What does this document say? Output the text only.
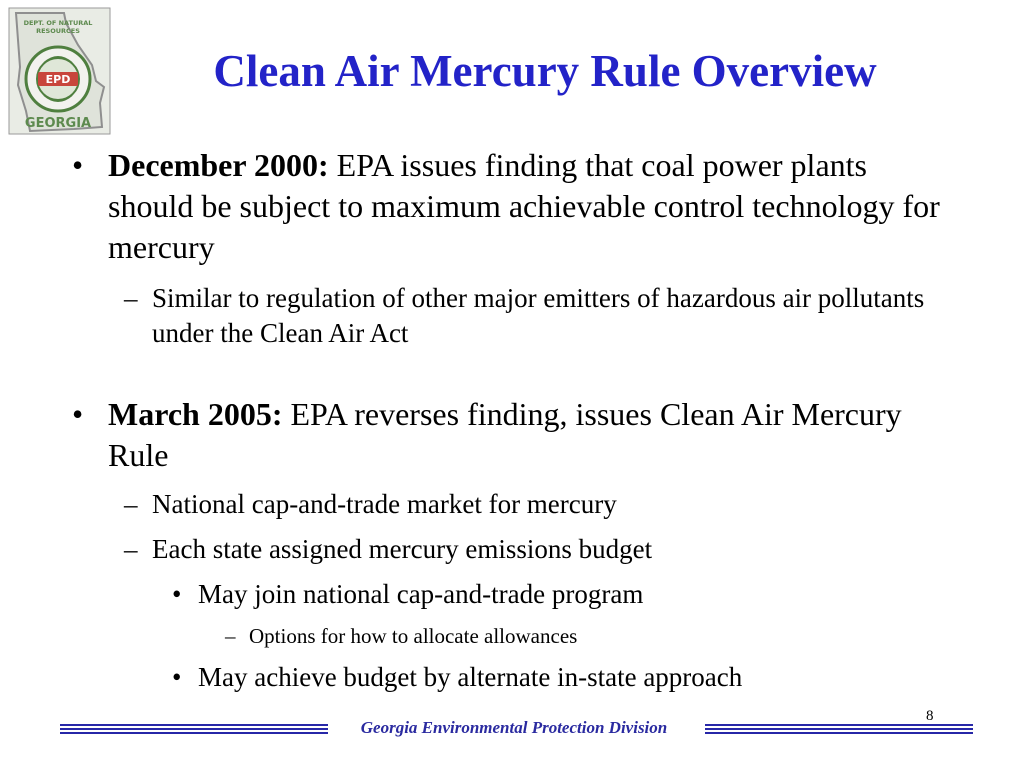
DEPT. OF NATURAL
RESOURCES
EPD
GEORGIA
Clean Air Mercury Rule Overview
• December 2000: EPA issues finding that coal power plants should be subject to maximum achievable control technology for mercury
– Similar to regulation of other major emitters of hazardous air pollutants under the Clean Air Act
• March 2005: EPA reverses finding, issues Clean Air Mercury Rule
– National cap-and-trade market for mercury
– Each state assigned mercury emissions budget
• May join national cap-and-trade program
– Options for how to allocate allowances
• May achieve budget by alternate in-state approach
Georgia Environmental Protection Division
8
